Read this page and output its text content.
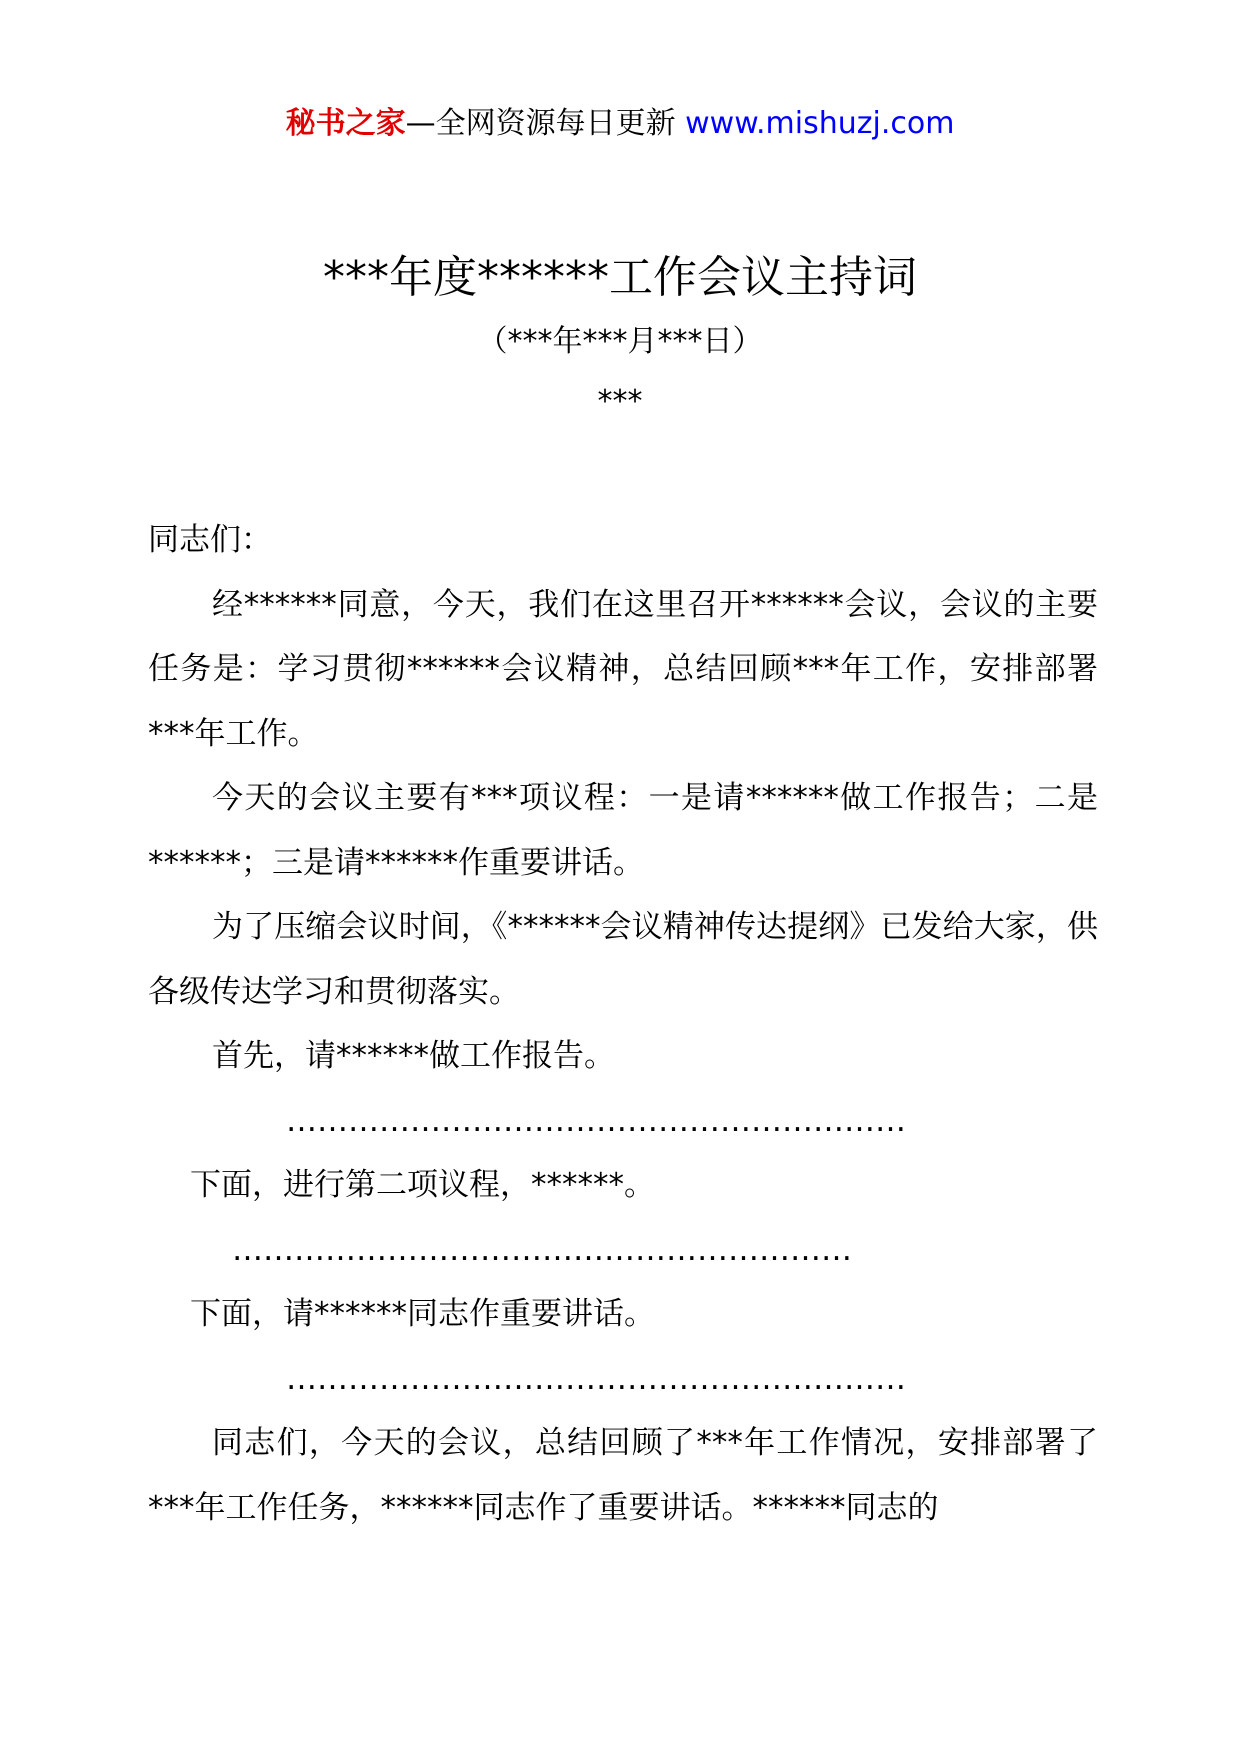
秘书之家—全网资源每日更新 www.mishuzj.com
***年度******工作会议主持词
（***年***月***日）
***

同志们：

经******同意，今天，我们在这里召开******会议，会议的主要任务是：学习贯彻******会议精神，总结回顾***年工作，安排部署***年工作。

今天的会议主要有***项议程：一是请******做工作报告；二是******；三是请******作重要讲话。

为了压缩会议时间，《******会议精神传达提纲》已发给大家，供各级传达学习和贯彻落实。

首先，请******做工作报告。

……………………………………………………

下面，进行第二项议程，******。

……………………………………………………

下面，请******同志作重要讲话。

……………………………………………………

同志们，今天的会议，总结回顾了***年工作情况，安排部署了***年工作任务，******同志作了重要讲话。******同志的
